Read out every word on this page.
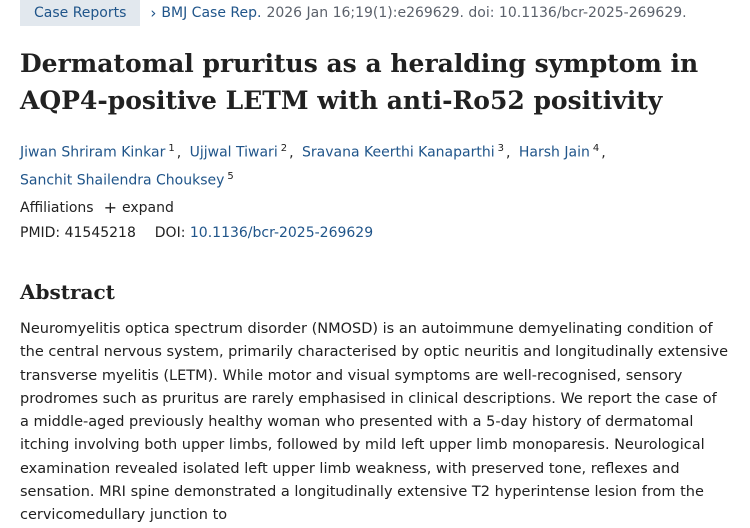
Case Reports	› BMJ Case Rep. 2026 Jan 16;19(1):e269629. doi: 10.1136/bcr-2025-269629.
Dermatomal pruritus as a heralding symptom in AQP4-positive LETM with anti-Ro52 positivity
Jiwan Shriram Kinkar $^1$ , Ujjwal Tiwari $^2$ , Sravana Keerthi Kanaparthi $^3$ , Harsh Jain $^4$ ,
Sanchit Shailendra Chouksey $^5$
Affiliations + expand
PMID: 41545218 DOI: 10.1136/bcr-2025-269629
Abstract

Neuromyelitis optica spectrum disorder (NMOSD) is an autoimmune demyelinating condition of the central nervous system, primarily characterised by optic neuritis and longitudinally extensive transverse myelitis (LETM). While motor and visual symptoms are well-recognised, sensory prodromes such as pruritus are rarely emphasised in clinical descriptions. We report the case of a middle-aged previously healthy woman who presented with a 5-day history of dermatomal itching involving both upper limbs, followed by mild left upper limb monoparesis. Neurological examination revealed isolated left upper limb weakness, with preserved tone, reflexes and sensation. MRI spine demonstrated a longitudinally extensive T2 hyperintense lesion from the cervicomedullary junction to
